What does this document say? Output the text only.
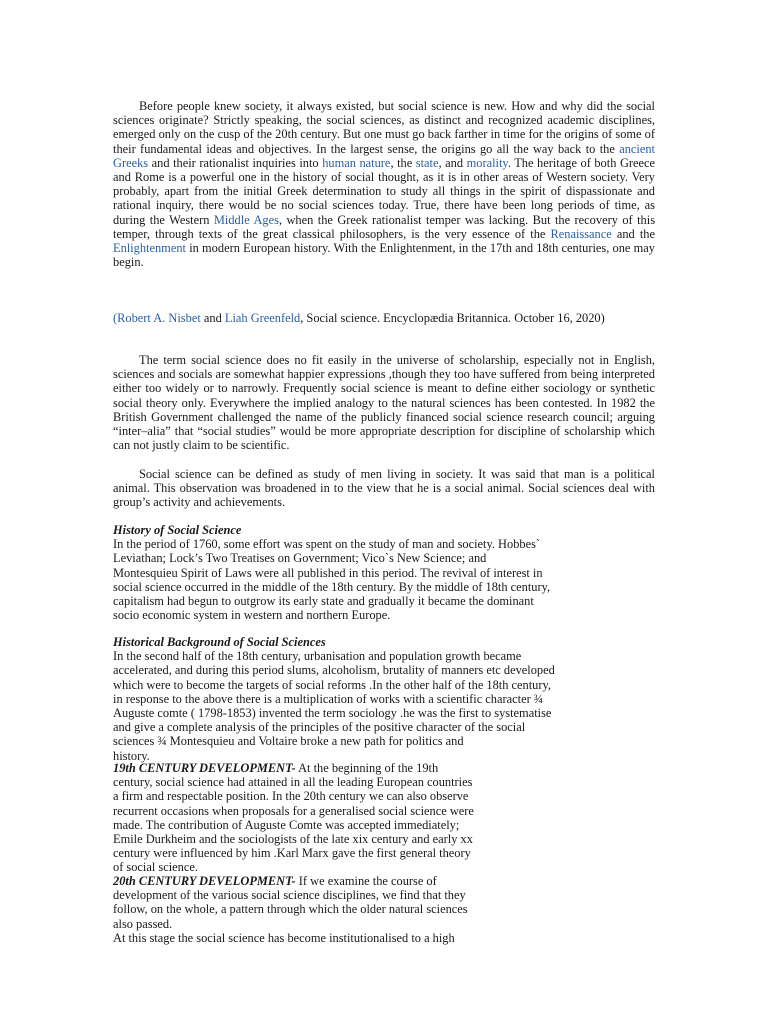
Before people knew society, it always existed, but social science is new. How and why did the social sciences originate? Strictly speaking, the social sciences, as distinct and recognized academic disciplines, emerged only on the cusp of the 20th century. But one must go back farther in time for the origins of some of their fundamental ideas and objectives. In the largest sense, the origins go all the way back to the ancient Greeks and their rationalist inquiries into human nature, the state, and morality. The heritage of both Greece and Rome is a powerful one in the history of social thought, as it is in other areas of Western society. Very probably, apart from the initial Greek determination to study all things in the spirit of dispassionate and rational inquiry, there would be no social sciences today. True, there have been long periods of time, as during the Western Middle Ages, when the Greek rationalist temper was lacking. But the recovery of this temper, through texts of the great classical philosophers, is the very essence of the Renaissance and the Enlightenment in modern European history. With the Enlightenment, in the 17th and 18th centuries, one may begin.
(Robert A. Nisbet and Liah Greenfeld, Social science. Encyclopædia Britannica. October 16, 2020)
The term social science does no fit easily in the universe of scholarship, especially not in English, sciences and socials are somewhat happier expressions ,though they too have suffered from being interpreted either too widely or to narrowly. Frequently social science is meant to define either sociology or synthetic social theory only. Everywhere the implied analogy to the natural sciences has been contested. In 1982 the British Government challenged the name of the publicly financed social science research council; arguing “inter–alia” that “social studies” would be more appropriate description for discipline of scholarship which can not justly claim to be scientific.
Social science can be defined as study of men living in society. It was said that man is a political animal. This observation was broadened in to the view that he is a social animal. Social sciences deal with group’s activity and achievements.
History of Social Science
In the period of 1760, some effort was spent on the study of man and society. Hobbes`
Leviathan; Lock’s Two Treatises on Government; Vico`s New Science; and
Montesquieu Spirit of Laws were all published in this period. The revival of interest in
social science occurred in the middle of the 18th century. By the middle of 18th century,
capitalism had begun to outgrow its early state and gradually it became the dominant
socio economic system in western and northern Europe.
Historical Background of Social Sciences
In the second half of the 18th century, urbanisation and population growth became
accelerated, and during this period slums, alcoholism, brutality of manners etc developed
which were to become the targets of social reforms .In the other half of the 18th century,
in response to the above there is a multiplication of works with a scientific character ¾
Auguste comte ( 1798-1853) invented the term sociology .he was the first to systematise
and give a complete analysis of the principles of the positive character of the social
sciences ¾ Montesquieu and Voltaire broke a new path for politics and
history.
19th CENTURY DEVELOPMENT- At the beginning of the 19th
century, social science had attained in all the leading European countries
a firm and respectable position. In the 20th century we can also observe
recurrent occasions when proposals for a generalised social science were
made. The contribution of Auguste Comte was accepted immediately;
Emile Durkheim and the sociologists of the late xix century and early xx
century were influenced by him .Karl Marx gave the first general theory
of social science.
20th CENTURY DEVELOPMENT- If we examine the course of
development of the various social science disciplines, we find that they
follow, on the whole, a pattern through which the older natural sciences
also passed.
At this stage the social science has become institutionalised to a high
